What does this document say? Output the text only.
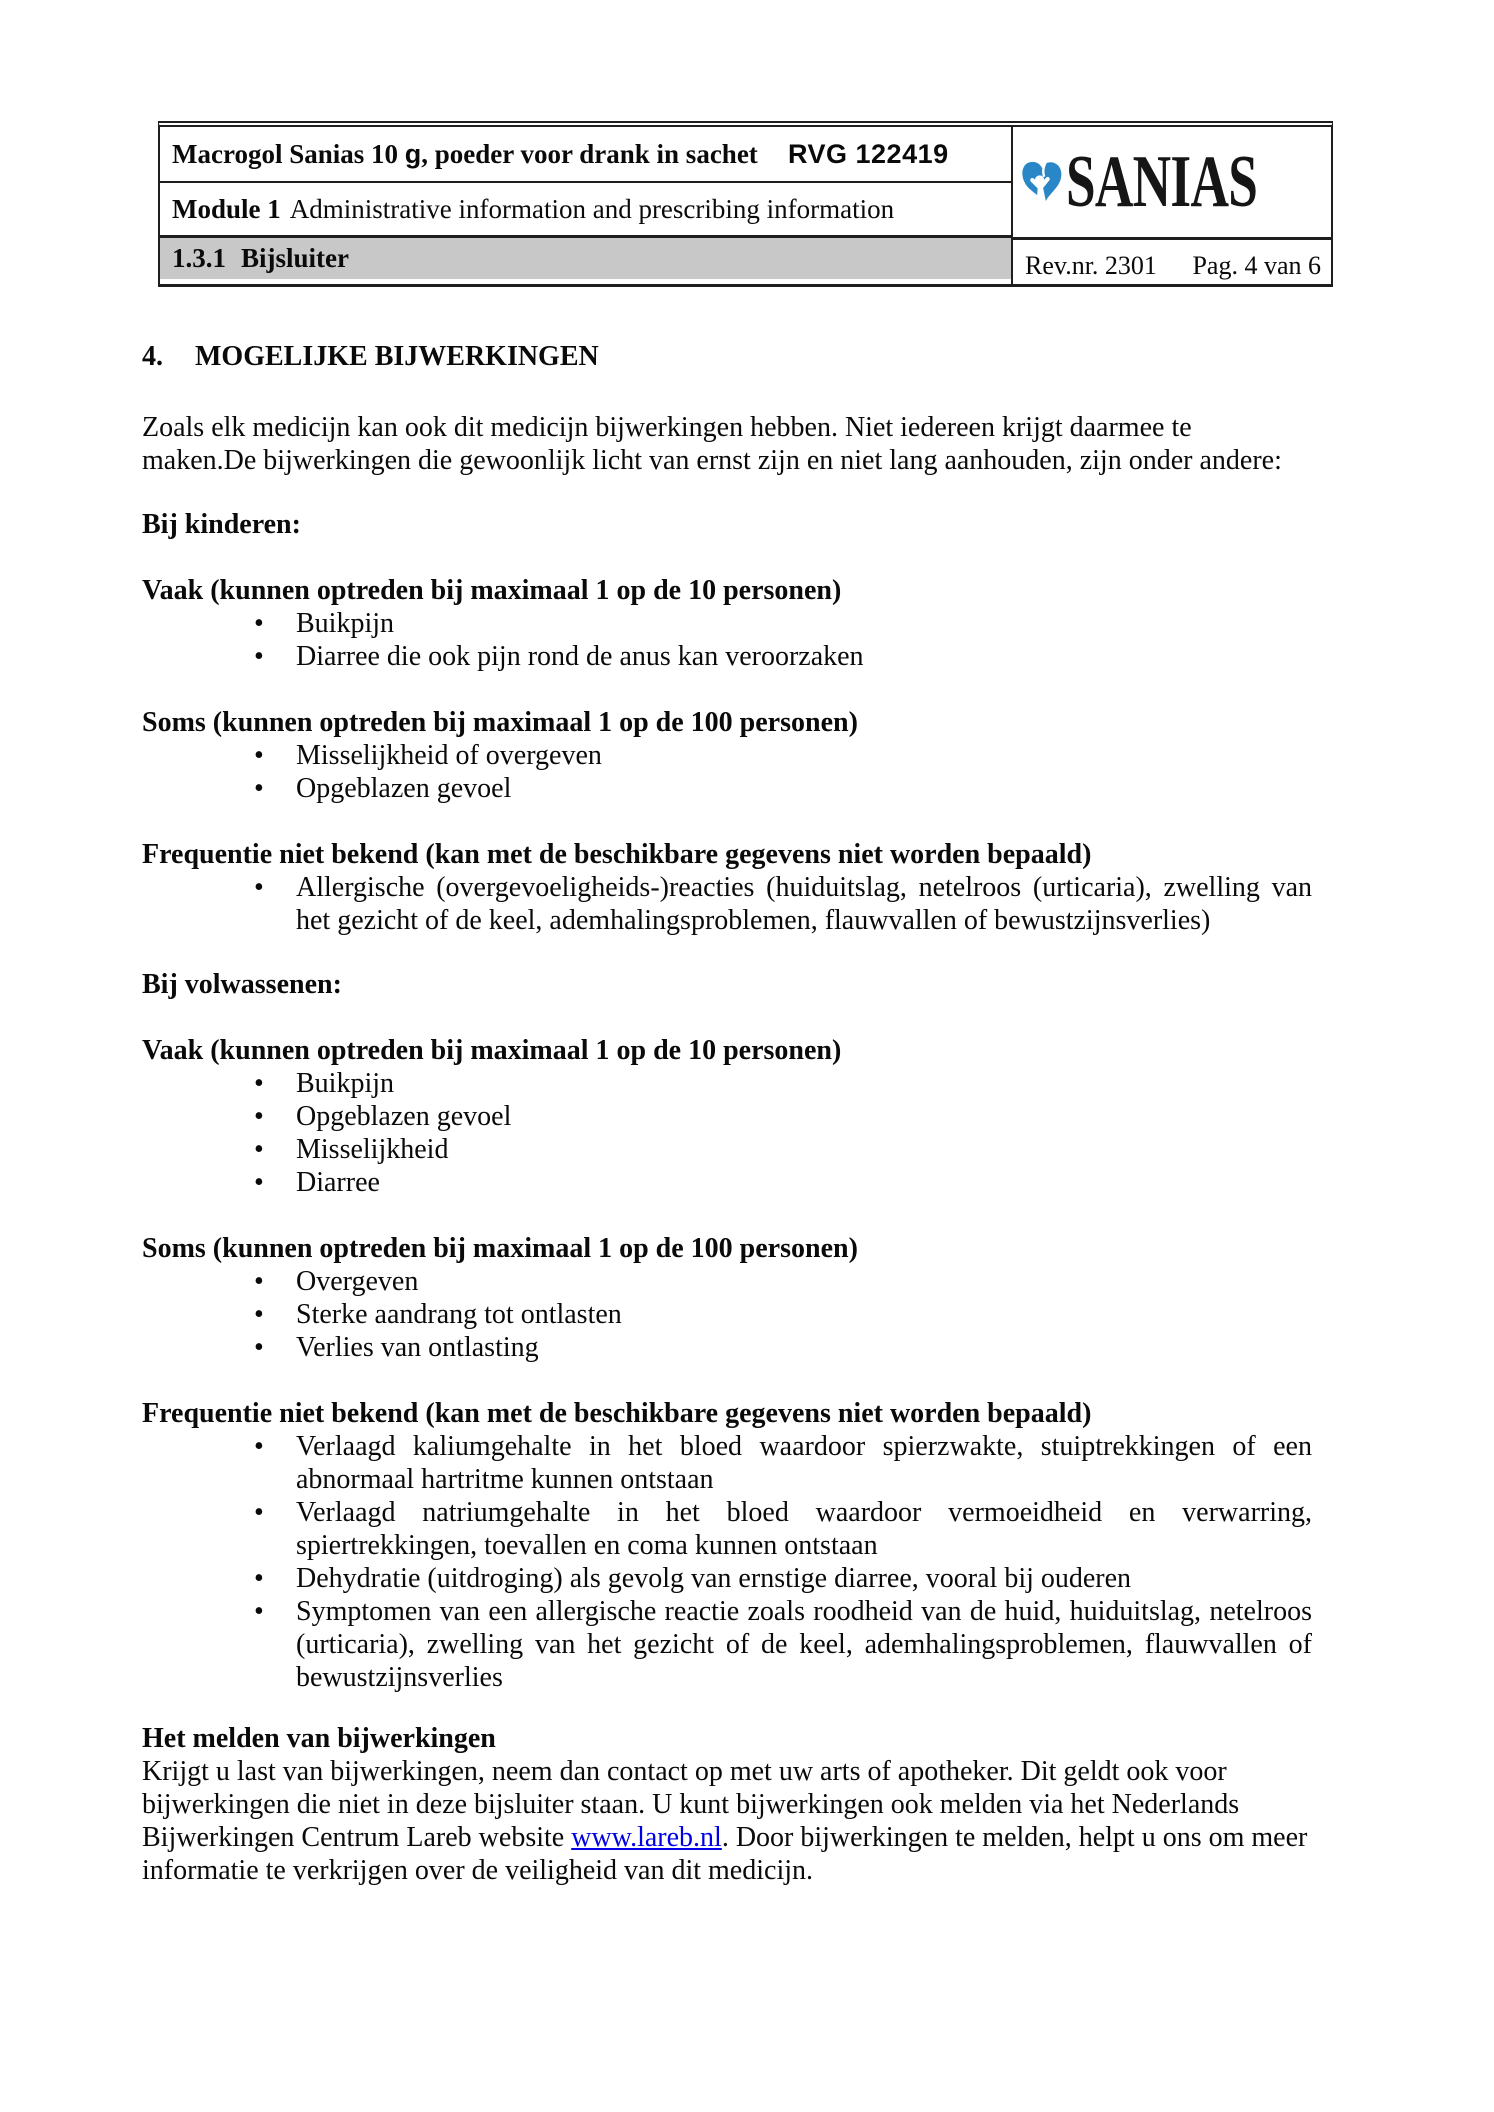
Macrogol Sanias 10 g, poeder voor drank in sachet RVG 122419
Module 1 Administrative information and prescribing information
1.3.1 Bijsluiter
SANIAS
Rev.nr. 2301 Pag. 4 van 6

4. MOGELIJKE BIJWERKINGEN

Zoals elk medicijn kan ook dit medicijn bijwerkingen hebben. Niet iedereen krijgt daarmee te maken.De bijwerkingen die gewoonlijk licht van ernst zijn en niet lang aanhouden, zijn onder andere:

Bij kinderen:

Vaak (kunnen optreden bij maximaal 1 op de 10 personen)

• Buikpijn
• Diarree die ook pijn rond de anus kan veroorzaken

Soms (kunnen optreden bij maximaal 1 op de 100 personen)

• Misselijkheid of overgeven
• Opgeblazen gevoel

Frequentie niet bekend (kan met de beschikbare gegevens niet worden bepaald)

• Allergische (overgevoeligheids-)reacties (huiduitslag, netelroos (urticaria), zwelling van het gezicht of de keel, ademhalingsproblemen, flauwvallen of bewustzijnsverlies)

Bij volwassenen:

Vaak (kunnen optreden bij maximaal 1 op de 10 personen)

• Buikpijn
• Opgeblazen gevoel
• Misselijkheid
• Diarree

Soms (kunnen optreden bij maximaal 1 op de 100 personen)

• Overgeven
• Sterke aandrang tot ontlasten
• Verlies van ontlasting

Frequentie niet bekend (kan met de beschikbare gegevens niet worden bepaald)

• Verlaagd kaliumgehalte in het bloed waardoor spierzwakte, stuiptrekkingen of een abnormaal hartritme kunnen ontstaan
• Verlaagd natriumgehalte in het bloed waardoor vermoeidheid en verwarring, spiertrekkingen, toevallen en coma kunnen ontstaan
• Dehydratie (uitdroging) als gevolg van ernstige diarree, vooral bij ouderen
• Symptomen van een allergische reactie zoals roodheid van de huid, huiduitslag, netelroos (urticaria), zwelling van het gezicht of de keel, ademhalingsproblemen, flauwvallen of bewustzijnsverlies

Het melden van bijwerkingen

Krijgt u last van bijwerkingen, neem dan contact op met uw arts of apotheker. Dit geldt ook voor bijwerkingen die niet in deze bijsluiter staan. U kunt bijwerkingen ook melden via het Nederlands Bijwerkingen Centrum Lareb website www.lareb.nl. Door bijwerkingen te melden, helpt u ons om meer informatie te verkrijgen over de veiligheid van dit medicijn.
